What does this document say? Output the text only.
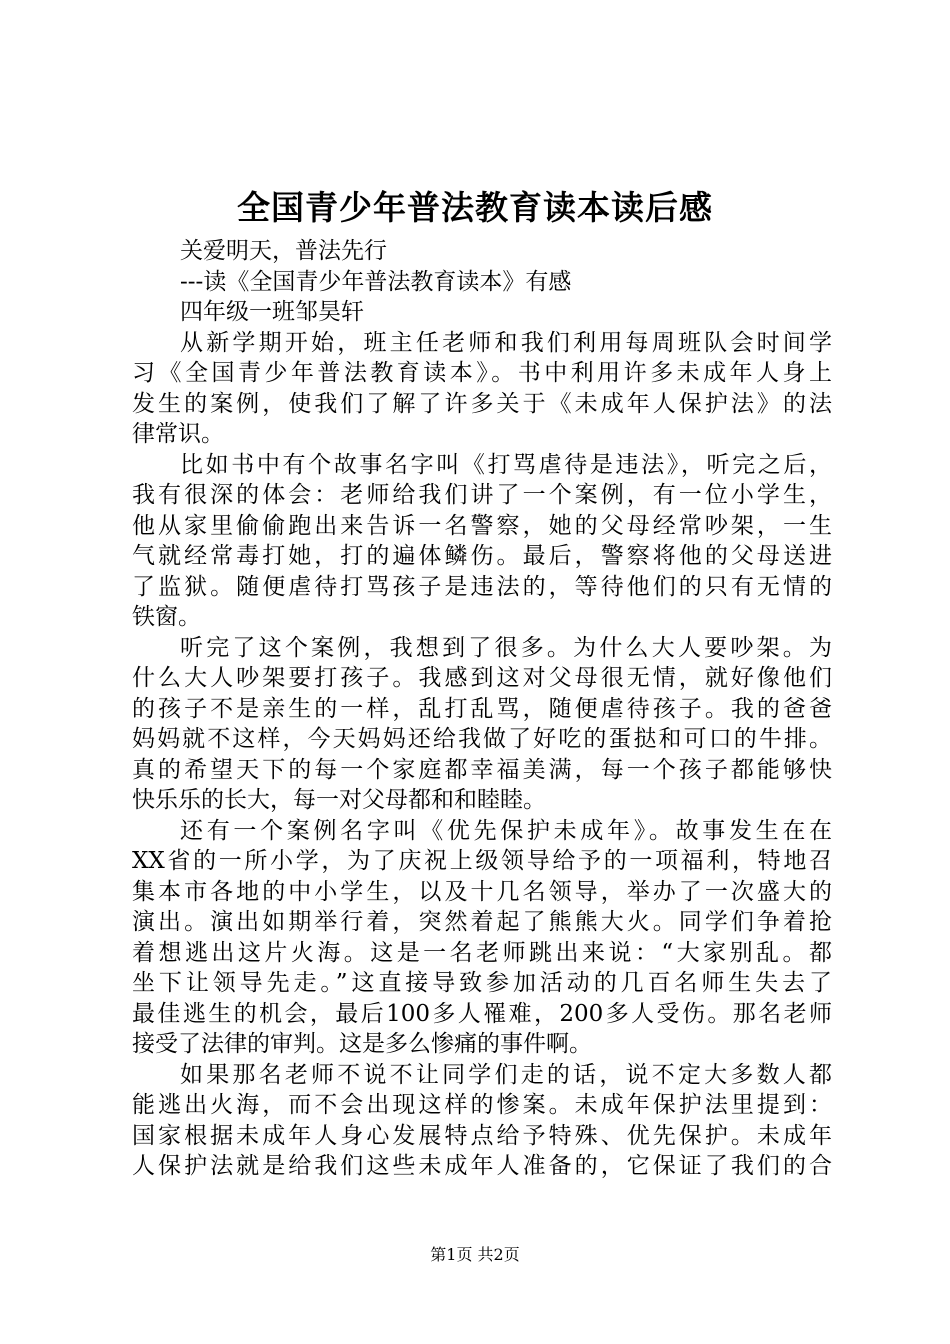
全国青少年普法教育读本读后感
关爱明天，普法先行
---读《全国青少年普法教育读本》有感
四年级一班邹昊轩
从新学期开始，班主任老师和我们利用每周班队会时间学
习《全国青少年普法教育读本》。书中利用许多未成年人身上
发生的案例，使我们了解了许多关于《未成年人保护法》的法
律常识。
比如书中有个故事名字叫《打骂虐待是违法》，听完之后，
我有很深的体会：老师给我们讲了一个案例，有一位小学生，
他从家里偷偷跑出来告诉一名警察，她的父母经常吵架，一生
气就经常毒打她，打的遍体鳞伤。最后，警察将他的父母送进
了监狱。随便虐待打骂孩子是违法的，等待他们的只有无情的
铁窗。
听完了这个案例，我想到了很多。为什么大人要吵架。为
什么大人吵架要打孩子。我感到这对父母很无情，就好像他们
的孩子不是亲生的一样，乱打乱骂，随便虐待孩子。我的爸爸
妈妈就不这样，今天妈妈还给我做了好吃的蛋挞和可口的牛排。
真的希望天下的每一个家庭都幸福美满，每一个孩子都能够快
快乐乐的长大，每一对父母都和和睦睦。
还有一个案例名字叫《优先保护未成年》。故事发生在在
XX省的一所小学，为了庆祝上级领导给予的一项福利，特地召
集本市各地的中小学生，以及十几名领导，举办了一次盛大的
演出。演出如期举行着，突然着起了熊熊大火。同学们争着抢
着想逃出这片火海。这是一名老师跳出来说：“大家别乱。都
坐下让领导先走。”这直接导致参加活动的几百名师生失去了
最佳逃生的机会，最后100多人罹难，200多人受伤。那名老师
接受了法律的审判。这是多么惨痛的事件啊。
如果那名老师不说不让同学们走的话，说不定大多数人都
能逃出火海，而不会出现这样的惨案。未成年保护法里提到：
国家根据未成年人身心发展特点给予特殊、优先保护。未成年
人保护法就是给我们这些未成年人准备的，它保证了我们的合
第1页 共2页
